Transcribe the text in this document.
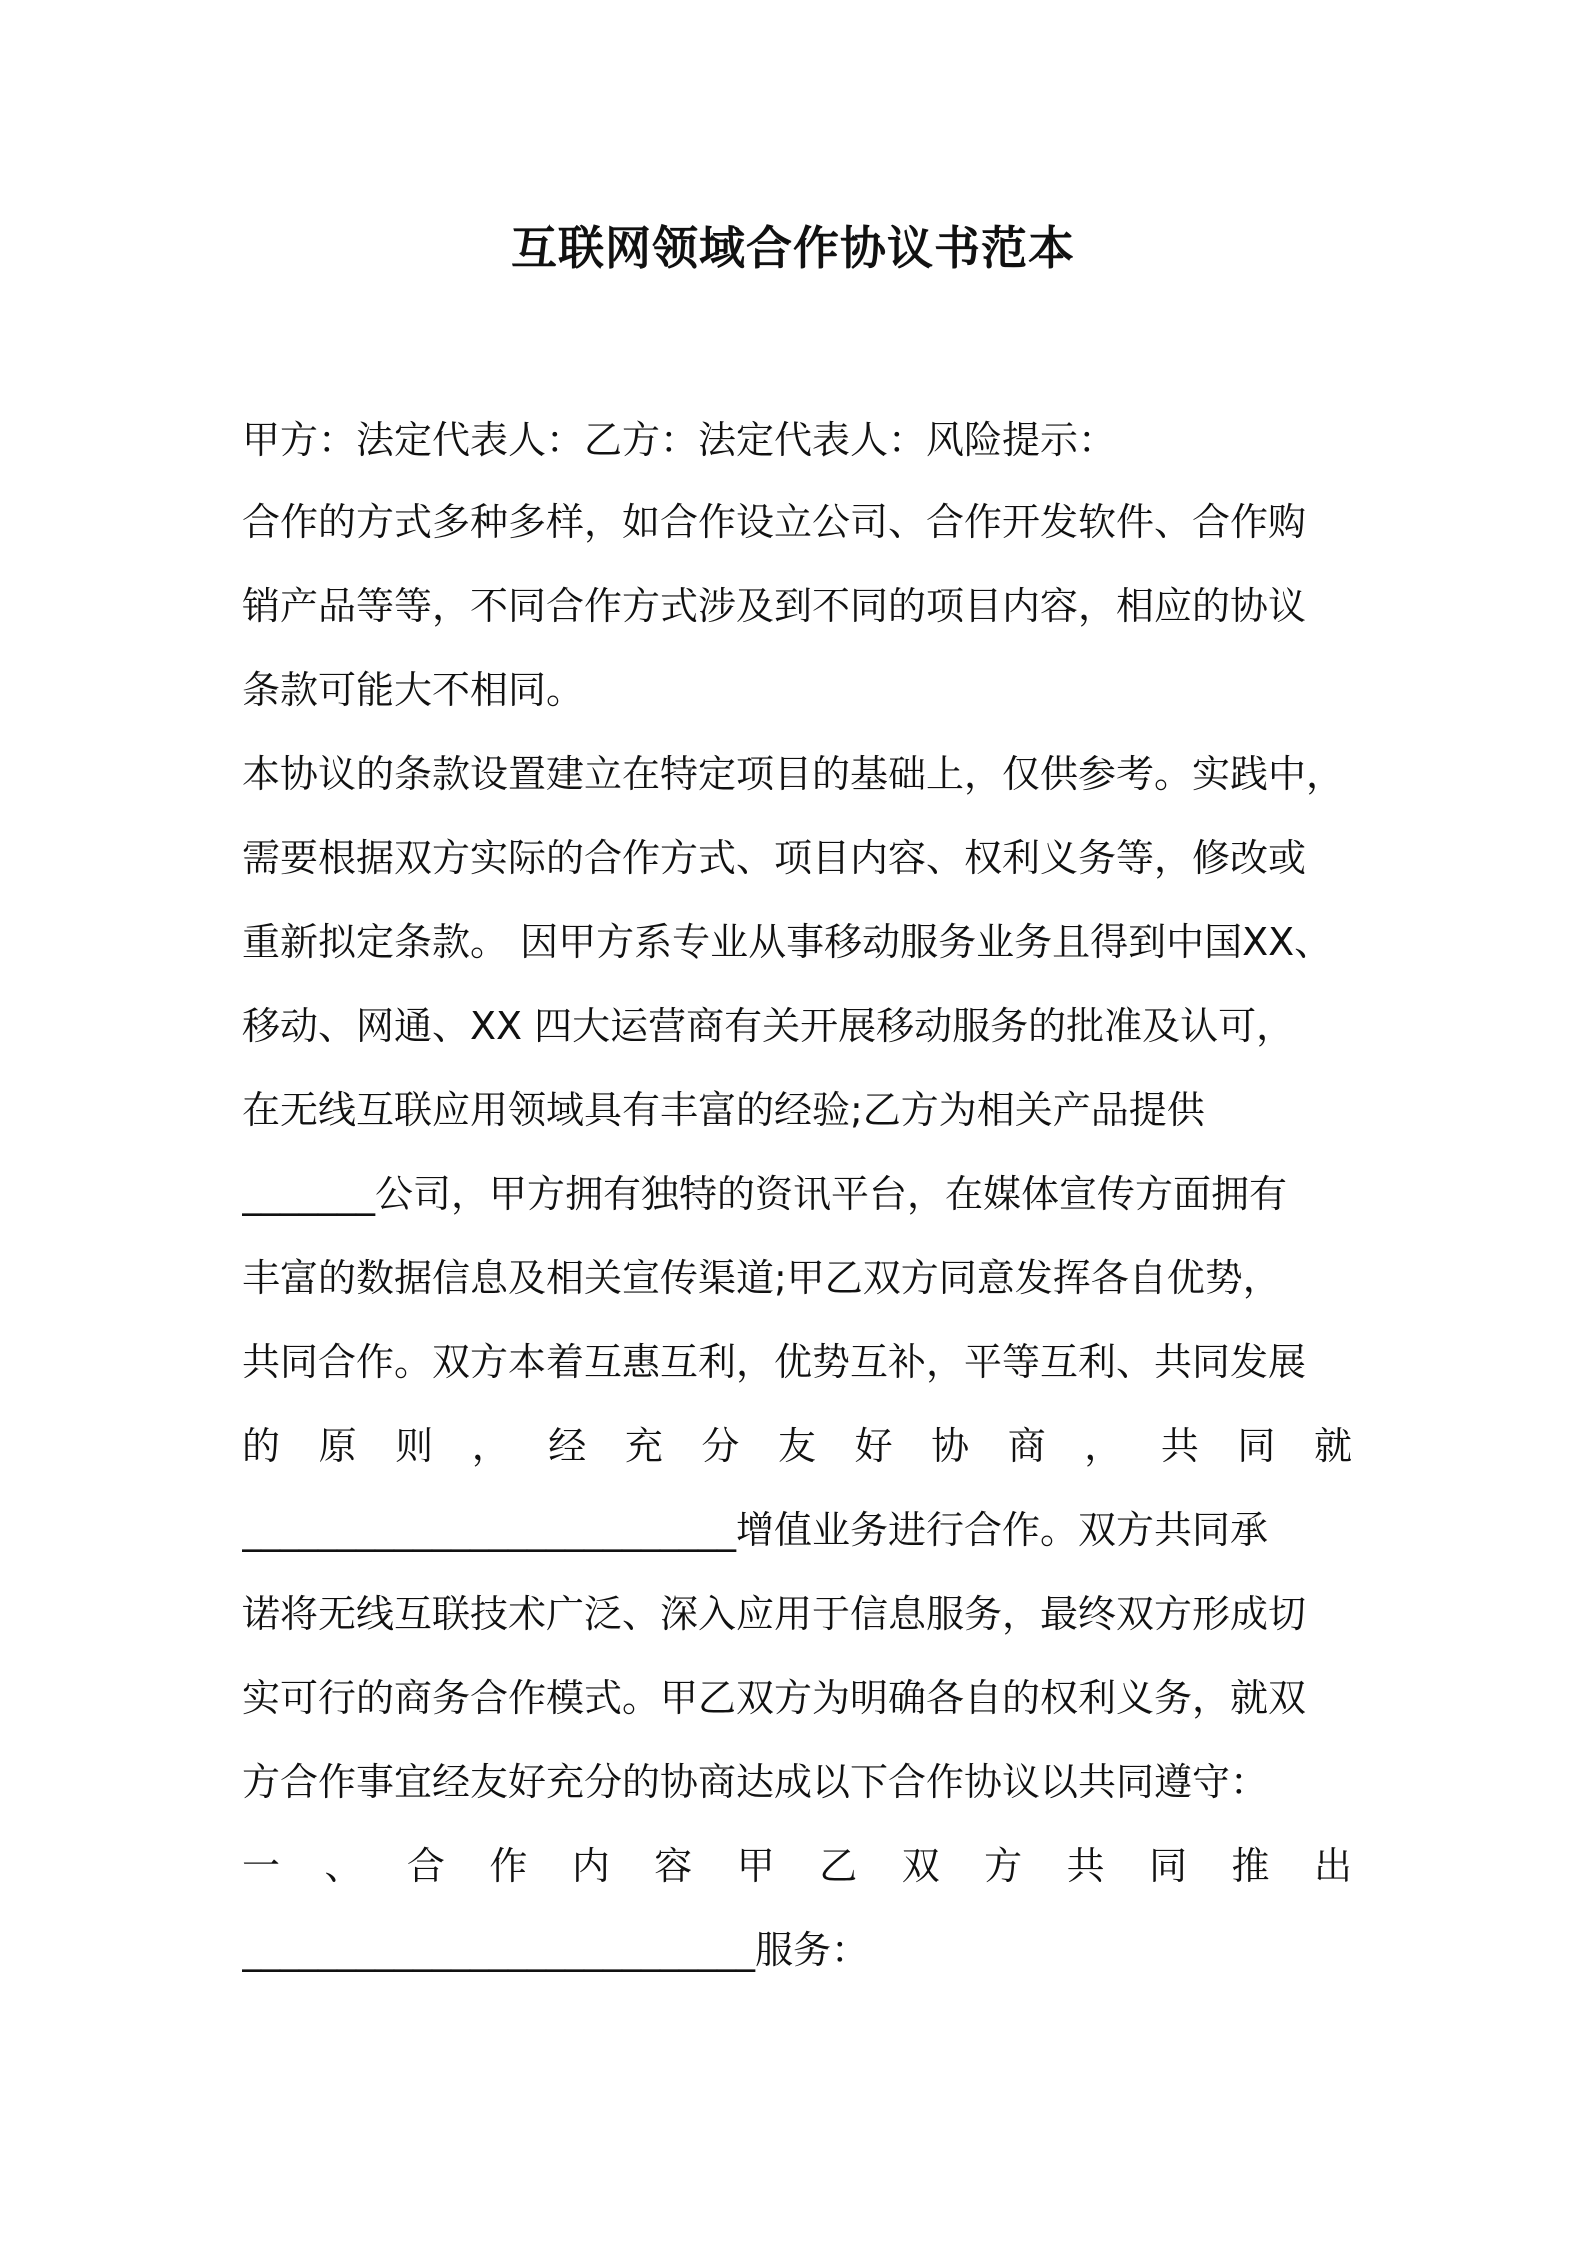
互联网领域合作协议书范本
甲方：法定代表人：乙方：法定代表人：风险提示：
合作的方式多种多样，如合作设立公司、合作开发软件、合作购
销产品等等，不同合作方式涉及到不同的项目内容，相应的协议
条款可能大不相同。
本协议的条款设置建立在特定项目的基础上，仅供参考。实践中，
需要根据双方实际的合作方式、项目内容、权利义务等，修改或
重新拟定条款。 因甲方系专业从事移动服务业务且得到中国XX、
移动、网通、XX 四大运营商有关开展移动服务的批准及认可，
在无线互联应用领域具有丰富的经验;乙方为相关产品提供
_______公司，甲方拥有独特的资讯平台，在媒体宣传方面拥有
丰富的数据信息及相关宣传渠道;甲乙双方同意发挥各自优势，
共同合作。双方本着互惠互利，优势互补，平等互利、共同发展
的 原 则 ， 经 充 分 友 好 协 商 ， 共 同 就
__________________________增值业务进行合作。双方共同承
诺将无线互联技术广泛、深入应用于信息服务，最终双方形成切
实可行的商务合作模式。甲乙双方为明确各自的权利义务，就双
方合作事宜经友好充分的协商达成以下合作协议以共同遵守：
一 、 合 作 内 容 甲 乙 双 方 共 同 推 出
___________________________服务：
